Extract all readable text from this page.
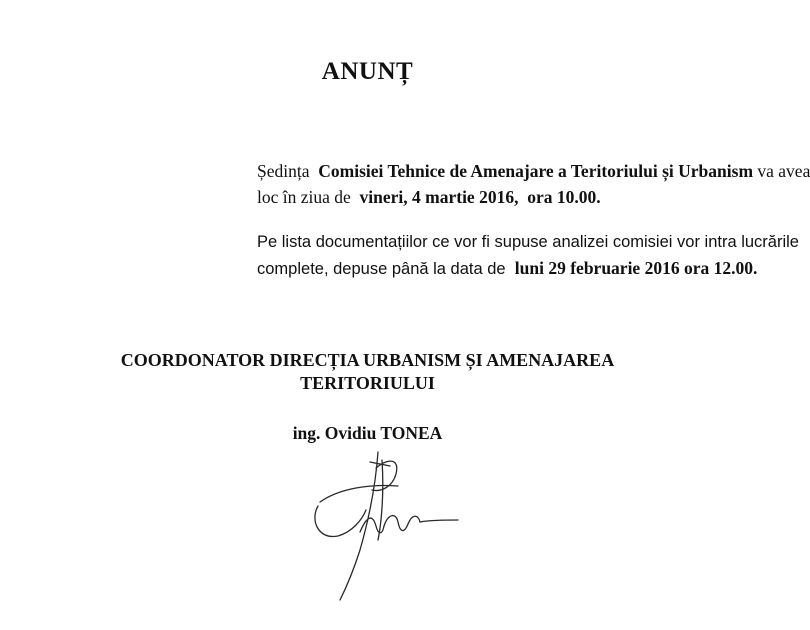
ANUNȚ
Ședința Comisiei Tehnice de Amenajare a Teritoriului și Urbanism va avea
loc în ziua de vineri, 4 martie 2016, ora 10.00.
Pe lista documentațiilor ce vor fi supuse analizei comisiei vor intra lucrările
complete, depuse până la data de luni 29 februarie 2016 ora 12.00.
COORDONATOR DIRECȚIA URBANISM ȘI AMENAJAREA
TERITORIULUI
ing. Ovidiu TONEA
